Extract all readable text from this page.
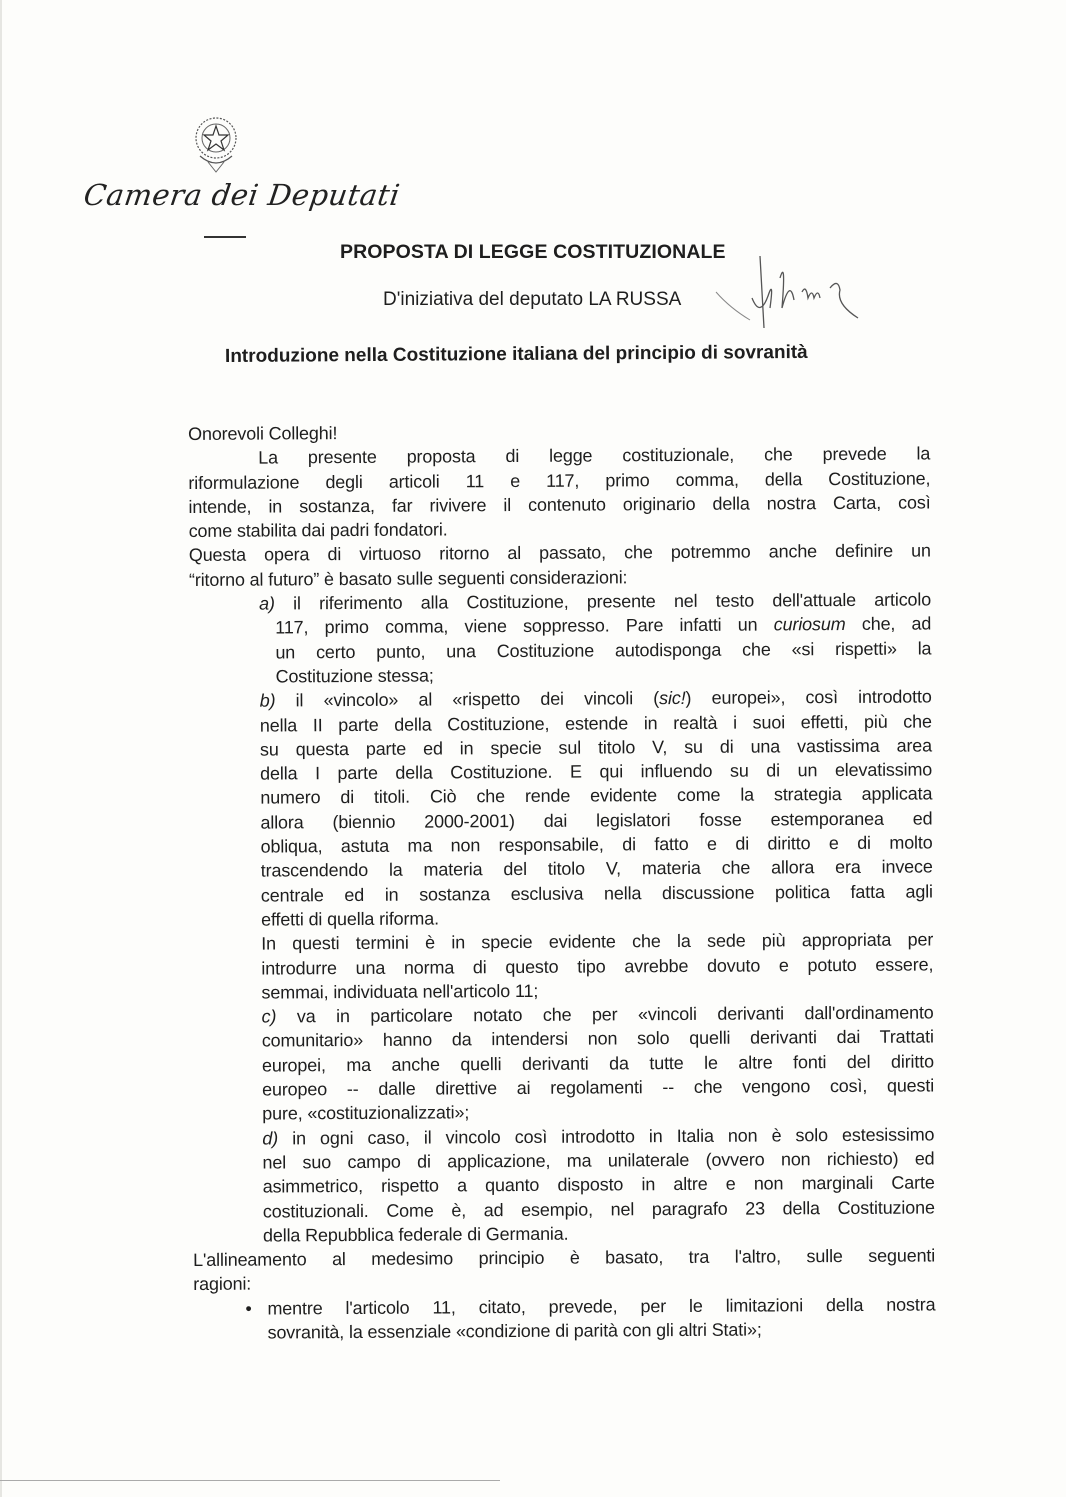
Camera dei Deputati
PROPOSTA DI LEGGE COSTITUZIONALE
D'iniziativa del deputato LA RUSSA
Introduzione nella Costituzione italiana del principio di sovranità
Onorevoli Colleghi!
La presente proposta di legge costituzionale, che prevede la
riformulazione degli articoli 11 e 117, primo comma, della Costituzione,
intende, in sostanza, far rivivere il contenuto originario della nostra Carta, così
come stabilita dai padri fondatori.
Questa opera di virtuoso ritorno al passato, che potremmo anche definire un
“ritorno al futuro” è basato sulle seguenti considerazioni:
a) il riferimento alla Costituzione, presente nel testo dell'attuale articolo
117, primo comma, viene soppresso. Pare infatti un curiosum che, ad
un certo punto, una Costituzione autodisponga che «si rispetti» la
Costituzione stessa;
b) il «vincolo» al «rispetto dei vincoli (sic!) europei», così introdotto
nella II parte della Costituzione, estende in realtà i suoi effetti, più che
su questa parte ed in specie sul titolo V, su di una vastissima area
della I parte della Costituzione. E qui influendo su di un elevatissimo
numero di titoli. Ciò che rende evidente come la strategia applicata
allora (biennio 2000-2001) dai legislatori fosse estemporanea ed
obliqua, astuta ma non responsabile, di fatto e di diritto e di molto
trascendendo la materia del titolo V, materia che allora era invece
centrale ed in sostanza esclusiva nella discussione politica fatta agli
effetti di quella riforma.
In questi termini è in specie evidente che la sede più appropriata per
introdurre una norma di questo tipo avrebbe dovuto e potuto essere,
semmai, individuata nell'articolo 11;
c) va in particolare notato che per «vincoli derivanti dall'ordinamento
comunitario» hanno da intendersi non solo quelli derivanti dai Trattati
europei, ma anche quelli derivanti da tutte le altre fonti del diritto
europeo -- dalle direttive ai regolamenti -- che vengono così, questi
pure, «costituzionalizzati»;
d) in ogni caso, il vincolo così introdotto in Italia non è solo estesissimo
nel suo campo di applicazione, ma unilaterale (ovvero non richiesto) ed
asimmetrico, rispetto a quanto disposto in altre e non marginali Carte
costituzionali. Come è, ad esempio, nel paragrafo 23 della Costituzione
della Repubblica federale di Germania.
L'allineamento al medesimo principio è basato, tra l'altro, sulle seguenti
ragioni:
• mentre l'articolo 11, citato, prevede, per le limitazioni della nostra
sovranità, la essenziale «condizione di parità con gli altri Stati»;
